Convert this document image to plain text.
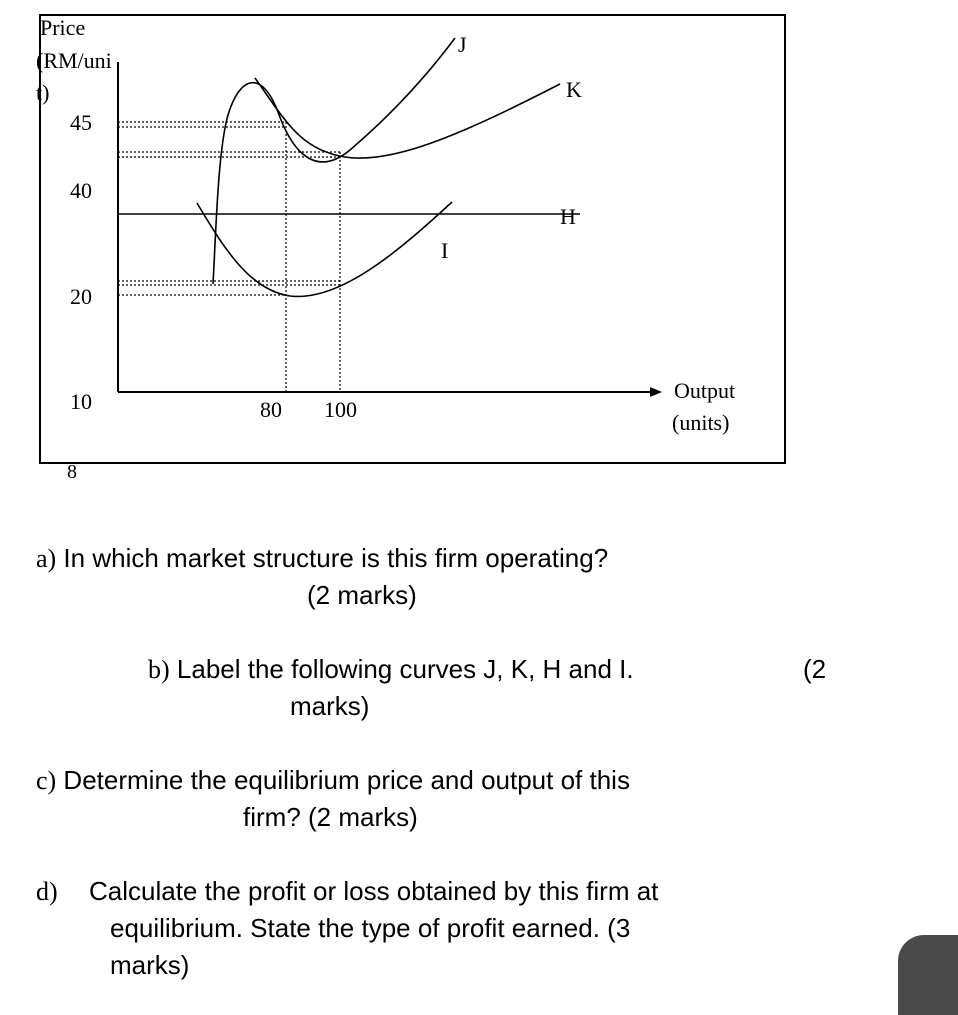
Price
(RM/uni
t)
45
40
20
10
8
80 100
Output
(units)
J
K
H
I
a) In which market structure is this firm operating?
(2 marks)
b) Label the following curves J, K, H and I.	(2
marks)
c) Determine the equilibrium price and output of this
firm? (2 marks)
d) Calculate the profit or loss obtained by this firm at
equilibrium. State the type of profit earned. (3
marks)
